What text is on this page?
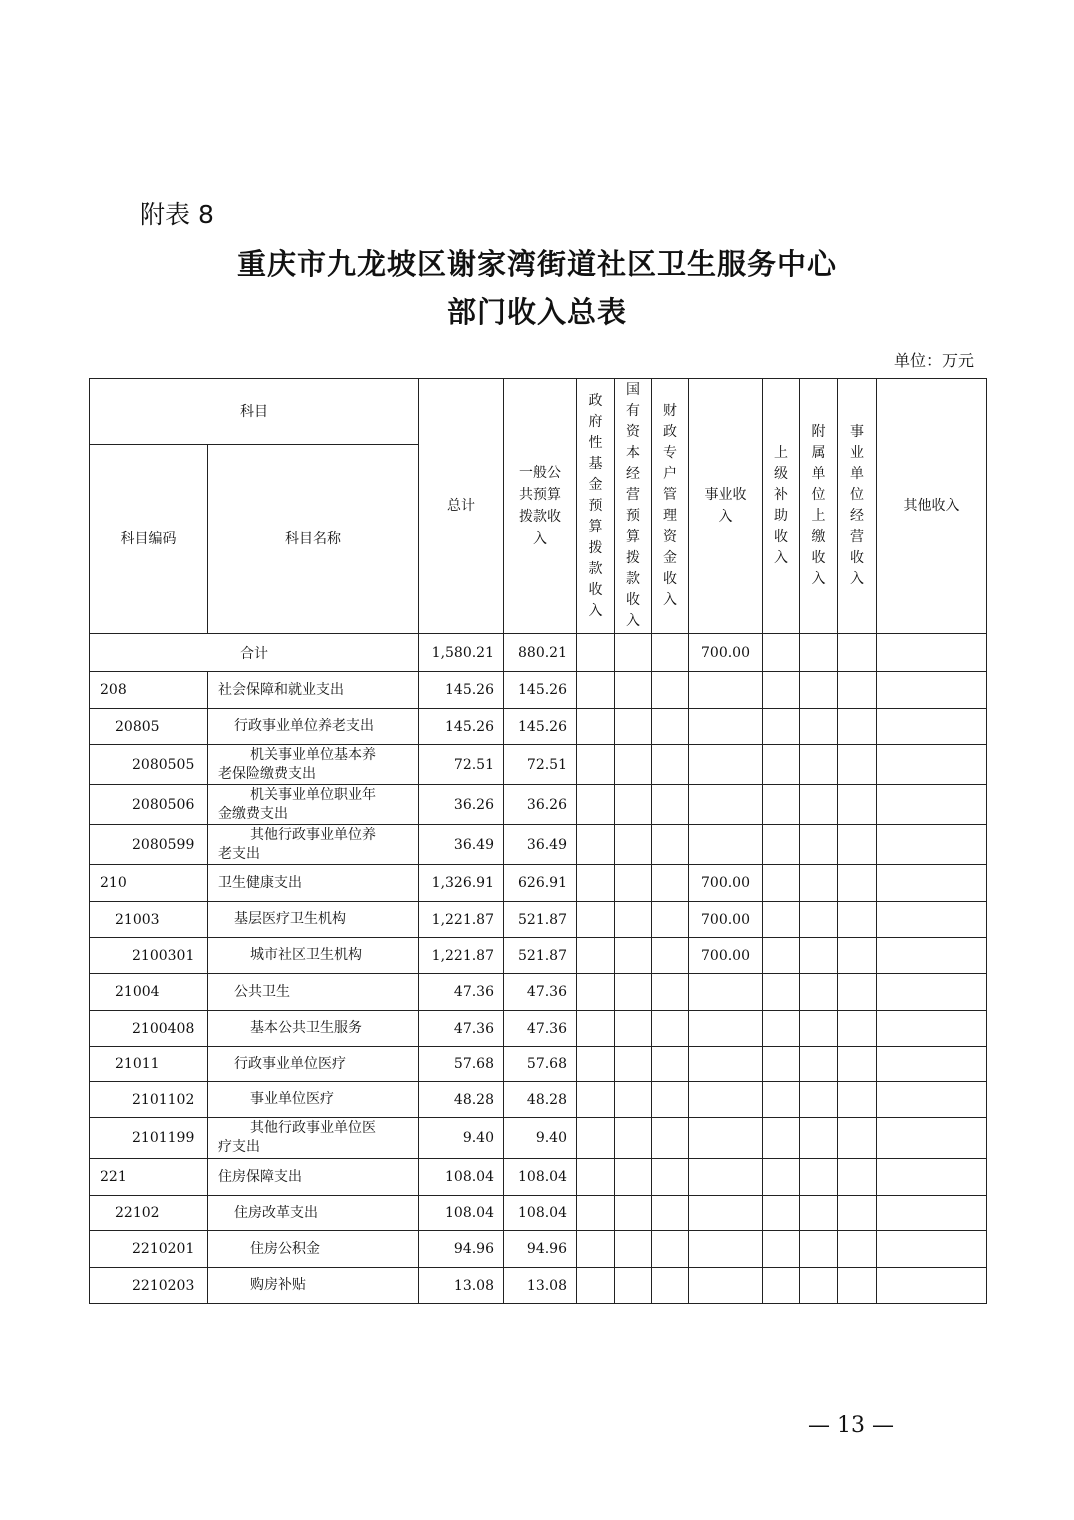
附表 8
重庆市九龙坡区谢家湾街道社区卫生服务中心
部门收入总表
单位：万元
科目		总计	一般公共预算拨款收入	政府性基金预算拨款收入	国有资本经营预算拨款收入	财政专户管理资金收入	事业收入	上级补助收入	附属单位上缴收入	事业单位经营收入	其他收入
科目编码	科目名称										
合计		1,580.21	880.21				700.00				
208	社会保障和就业支出	145.26	145.26								
20805	行政事业单位养老支出	145.26	145.26								
2080505	机关事业单位基本养
老保险缴费支出	72.51	72.51								
2080506	机关事业单位职业年
金缴费支出	36.26	36.26								
2080599	其他行政事业单位养
老支出	36.49	36.49								
210	卫生健康支出	1,326.91	626.91				700.00				
21003	基层医疗卫生机构	1,221.87	521.87				700.00				
2100301	城市社区卫生机构	1,221.87	521.87				700.00				
21004	公共卫生	47.36	47.36								
2100408	基本公共卫生服务	47.36	47.36								
21011	行政事业单位医疗	57.68	57.68								
2101102	事业单位医疗	48.28	48.28								
2101199	其他行政事业单位医
疗支出	9.40	9.40								
221	住房保障支出	108.04	108.04								
22102	住房改革支出	108.04	108.04								
2210201	住房公积金	94.96	94.96								
2210203	购房补贴	13.08	13.08								
— 13 —
